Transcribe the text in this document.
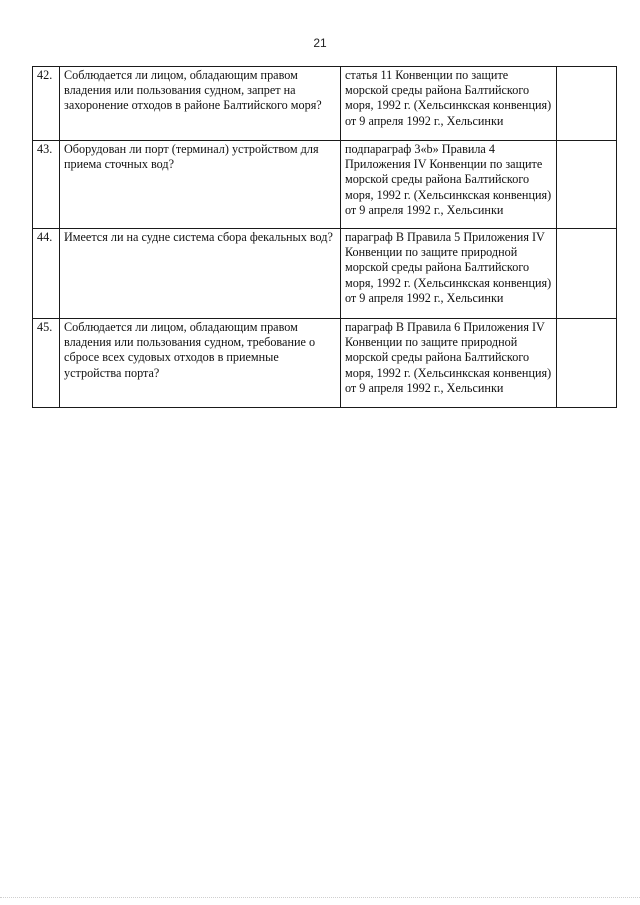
21
42.	Соблюдается ли лицом, обладающим правом владения или пользования судном, запрет на захоронение отходов в районе Балтийского моря?	статья 11 Конвенции по защите морской среды района Балтийского моря, 1992 г. (Хельсинкская конвенция) от 9 апреля 1992 г., Хельсинки	
43.	Оборудован ли порт (терминал) устройством для приема сточных вод?	подпараграф 3«b» Правила 4 Приложения IV Конвенции по защите морской среды района Балтийского моря, 1992 г. (Хельсинкская конвенция) от 9 апреля 1992 г., Хельсинки	
44.	Имеется ли на судне система сбора фекальных вод?	параграф В Правила 5 Приложения IV Конвенции по защите природной морской среды района Балтийского моря, 1992 г. (Хельсинкская конвенция) от 9 апреля 1992 г., Хельсинки	
45.	Соблюдается ли лицом, обладающим правом владения или пользования судном, требование о сбросе всех судовых отходов в приемные устройства порта?	параграф В Правила 6 Приложения IV Конвенции по защите природной морской среды района Балтийского моря, 1992 г. (Хельсинкская конвенция) от 9 апреля 1992 г., Хельсинки	
